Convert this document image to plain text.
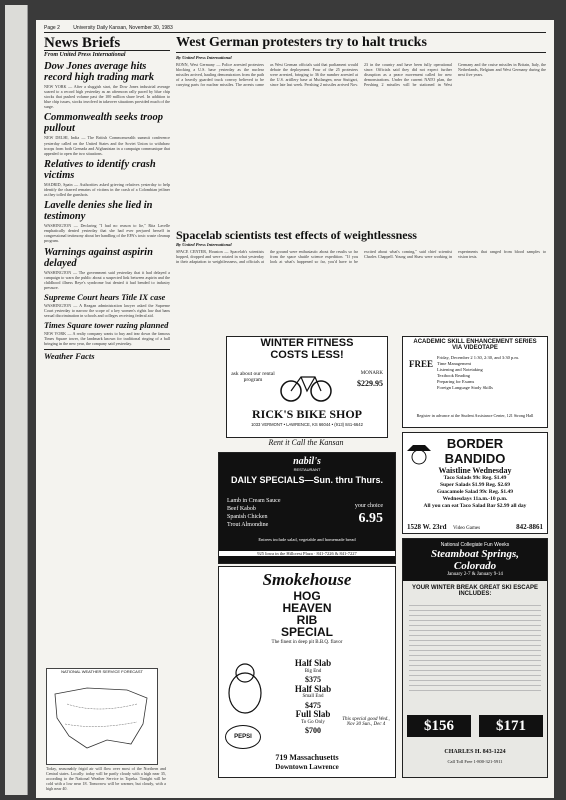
Page 2	University Daily Kansan, November 30, 1983
News Briefs
From United Press International
Dow Jones average hits record high trading mark
NEW YORK — After a sluggish start, the Dow Jones industrial average soared to a record high yesterday as an afternoon rally paced by blue chip stocks that pushed volume past the 100 million share level. In addition to blue chip issues, stocks involved in takeover situations provided much of the surge.
Commonwealth seeks troop pullout
NEW DELHI, India — The British Commonwealth summit conference yesterday called on the United States and the Soviet Union to withdraw troops from both Grenada and Afghanistan in a campaign communique that appealed to open the two situations.
Relatives to identify crash victims
MADRID, Spain — Authorities asked grieving relatives yesterday to help identify the charred remains of victims in the crash of a Colombian jetliner as they tolled the gunshots.
Lavelle denies she lied in testimony
WASHINGTON — Declaring "I had no reason to lie," Rita Lavelle emphatically denied yesterday that she had ever perjured herself in congressional testimony about her handling of the EPA's toxic waste cleanup program.
Warnings against aspirin delayed
WASHINGTON — The government said yesterday that it had delayed a campaign to warn the public about a suspected link between aspirin and the childhood illness Reye's syndrome but denied it had bended to industry pressure.
Supreme Court hears Title IX case
WASHINGTON — A Reagan administration lawyer asked the Supreme Court yesterday to narrow the scope of a key women's rights law that bans sexual discrimination in schools and colleges receiving federal aid.
Times Square tower razing planned
NEW YORK — A realty company wants to buy and tear down the famous Times Square tower, the landmark known for traditional ringing of a ball bringing in the new year, the company said yesterday.
Weather Facts
NATIONAL WEATHER SERVICE FORECAST
Today, seasonably frigid air will flow over most of the Northern and Central states. Locally: today will be partly cloudy with a high near 35, according to the National Weather Service in Topeka. Tonight will be cold with a low near 18. Tomorrow will be warmer, but cloudy, with a high near 40.
West German protesters try to halt trucks
By United Press International
BONN, West Germany — Police arrested protesters blocking a U.S. base yesterday as the nuclear missiles arrived, hauling demonstrators from the path of a heavily guarded truck convoy believed to be carrying parts for nuclear missiles. The arrests came as West German officials said that parliament would debate the deployment. Four of the 25 protesters were arrested, bringing to 36 the number arrested at the U.S. artillery base at Mutlangen, near Stuttgart, since late last week. Pershing 2 missiles arrived Nov. 23 in the country and have been fully operational since. Officials said they did not expect further disruption as a peace movement called for new demonstrations. Under the current NATO plan, the Pershing 2 missiles will be stationed in West Germany and the cruise missiles in Britain, Italy, the Netherlands, Belgium and West Germany during the next five years.
Spacelab scientists test effects of weightlessness
By United Press International
SPACE CENTER, Houston — Spacelab's scientists hopped, dropped and were rotated in what yesterday in their adaptation to weightlessness, and officials at the ground were enthusiastic about the results so far from the space shuttle science expedition. "If you look at what's happened so far, you'd have to be excited about what's coming," said chief scientist Charles Chappell. Young and Shaw were working in experiments that ranged from blood samples to vision tests.
WINTER FITNESS
COSTS LESS!
ask about our rental program
MONARK
$229.95
RICK'S BIKE SHOP
1033 VERMONT • LAWRENCE, KS 66044 • (913) 841-6642
Rent it Call the Kansan
nabil's
RESTAURANT
DAILY SPECIALS—Sun. thru Thurs.
Lamb in Cream Sauce
Beef Kabob
Spanish Chicken
Trout Almondine
your choice
6.95
Entrees include salad, vegetable and homemade bread
925 Iowa in the Hillcrest Plaza · 841-7226 & 841-7227
Smokehouse
HOG
HEAVEN
RIB
SPECIAL
The finest in deep pit B.B.Q. flavor
Half Slab
Big End
$375
Half Slab
Small End
$475
Full Slab
To Go Only
$700
PEPSI
This special good Wed., Nov 30 Sun., Dec 4
719 Massachusetts
Downtown Lawrence
ACADEMIC SKILL ENHANCEMENT SERIES
VIA VIDEOTAPE
FREE
Friday, December 2 1:30, 2:30, and 3:30 p.m.
Time Management
Listening and Notetaking
Textbook Reading
Preparing for Exams
Foreign Language Study Skills
Register in advance at the Student Assistance Center, 121 Strong Hall
BORDER
BANDIDO
Waistline Wednesday
Taco Salads 99c Reg. $1.49
Super Salads $1.99 Reg. $2.69
Guacamole Salad 99c Reg. $1.49
Wednesdays 11a.m.-10 p.m.
All you can eat Taco Salad Bar $2.99 all day
1528 W. 23rd Video Games	842-8861
National Collegiate Fun Weeks
Steamboat Springs,
Colorado
January 2-7 & January 9-14
YOUR WINTER BREAK GREAT SKI ESCAPE INCLUDES:
$156	$171
CHARLES H. 843-1224
Call Toll Free 1-800-321-5911
